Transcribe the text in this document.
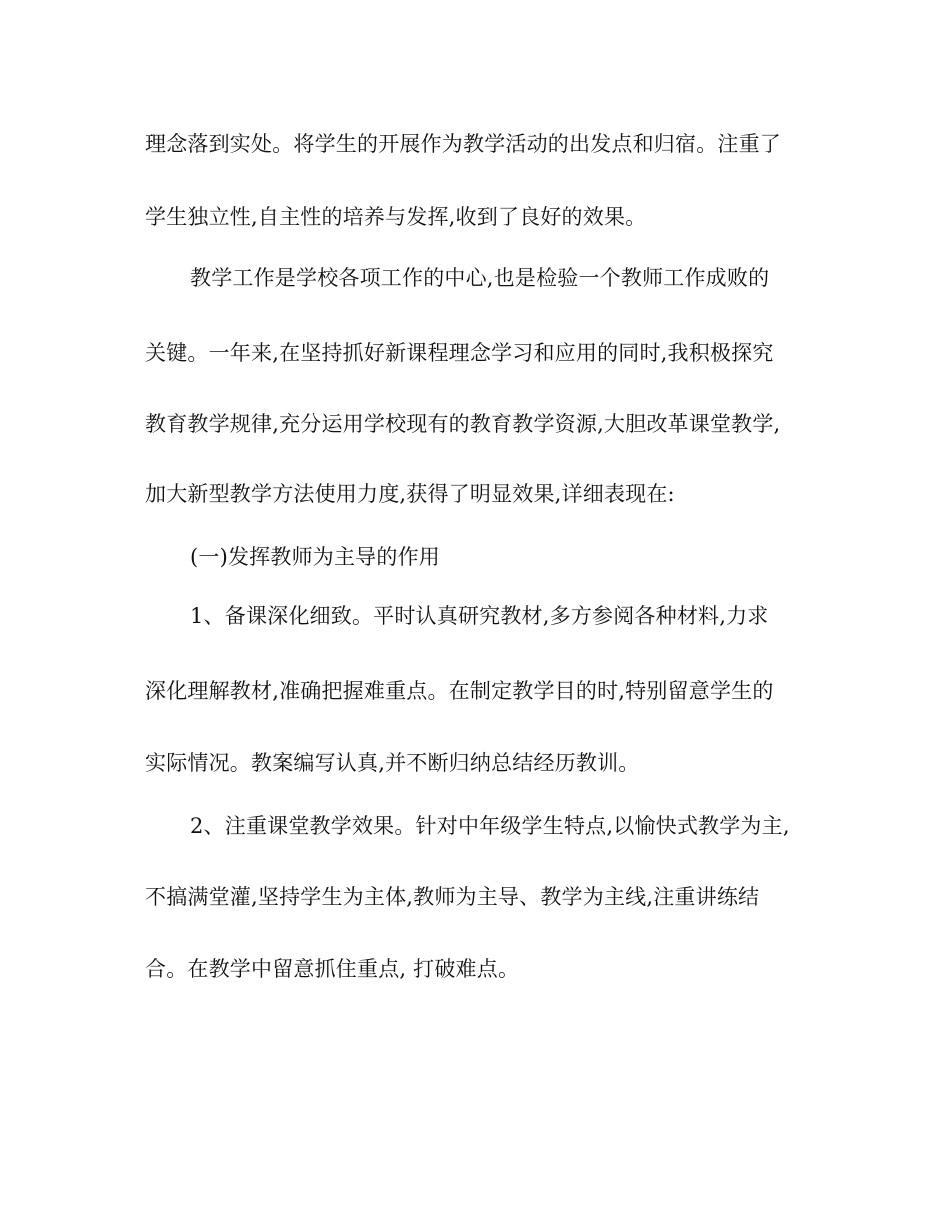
理念落到实处。将学生的开展作为教学活动的出发点和归宿。注重了
学生独立性,自主性的培养与发挥,收到了良好的效果。
教学工作是学校各项工作的中心,也是检验一个教师工作成败的
关键。一年来,在坚持抓好新课程理念学习和应用的同时,我积极探究
教育教学规律,充分运用学校现有的教育教学资源,大胆改革课堂教学,
加大新型教学方法使用力度,获得了明显效果,详细表现在:
(一)发挥教师为主导的作用
1、备课深化细致。平时认真研究教材,多方参阅各种材料,力求
深化理解教材,准确把握难重点。在制定教学目的时,特别留意学生的
实际情况。教案编写认真,并不断归纳总结经历教训。
2、注重课堂教学效果。针对中年级学生特点,以愉快式教学为主,
不搞满堂灌,坚持学生为主体,教师为主导、教学为主线,注重讲练结
合。在教学中留意抓住重点, 打破难点。
